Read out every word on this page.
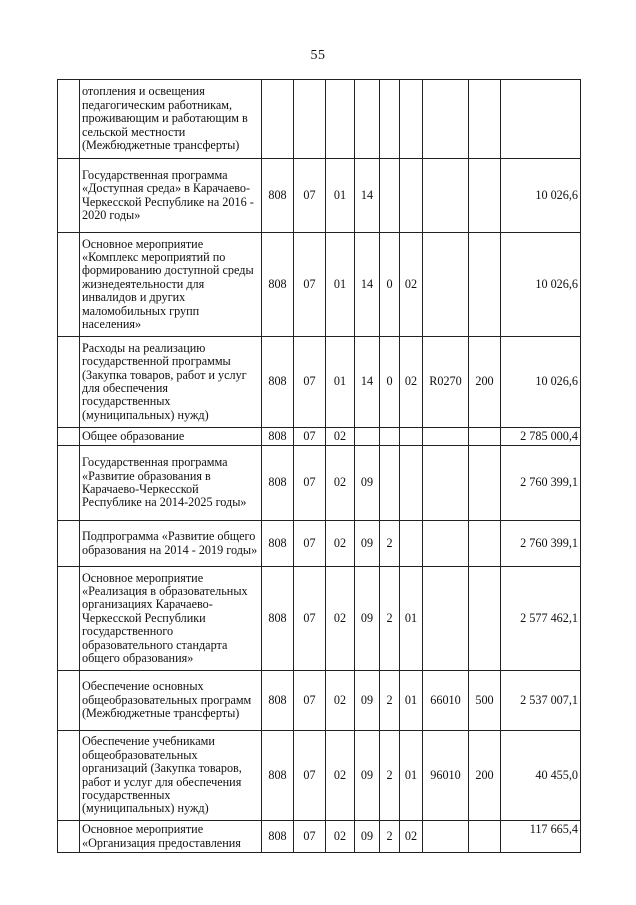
55
	отопления и освещения педагогическим работникам, проживающим и работающим в сельской местности (Межбюджетные трансферты)									
	Государственная программа «Доступная среда» в Карачаево-Черкесской Республике на 2016 - 2020 годы»	808	07	01	14					10 026,6
	Основное мероприятие «Комплекс мероприятий по формированию доступной среды жизнедеятельности для инвалидов и других маломобильных групп населения»	808	07	01	14	0	02			10 026,6
	Расходы на реализацию государственной программы (Закупка товаров, работ и услуг для обеспечения государственных (муниципальных) нужд)	808	07	01	14	0	02	R0270	200	10 026,6
	Общее образование	808	07	02						2 785 000,4
	Государственная программа «Развитие образования в Карачаево-Черкесской Республике на 2014-2025 годы»	808	07	02	09					2 760 399,1
	Подпрограмма «Развитие общего образования на 2014 - 2019 годы»	808	07	02	09	2				2 760 399,1
	Основное мероприятие «Реализация в образовательных организациях Карачаево-Черкесской Республики государственного образовательного стандарта общего образования»	808	07	02	09	2	01			2 577 462,1
	Обеспечение основных общеобразовательных программ (Межбюджетные трансферты)	808	07	02	09	2	01	66010	500	2 537 007,1
	Обеспечение учебниками общеобразовательных организаций (Закупка товаров, работ и услуг для обеспечения государственных (муниципальных) нужд)	808	07	02	09	2	01	96010	200	40 455,0
	Основное мероприятие «Организация предоставления	808	07	02	09	2	02			117 665,4
